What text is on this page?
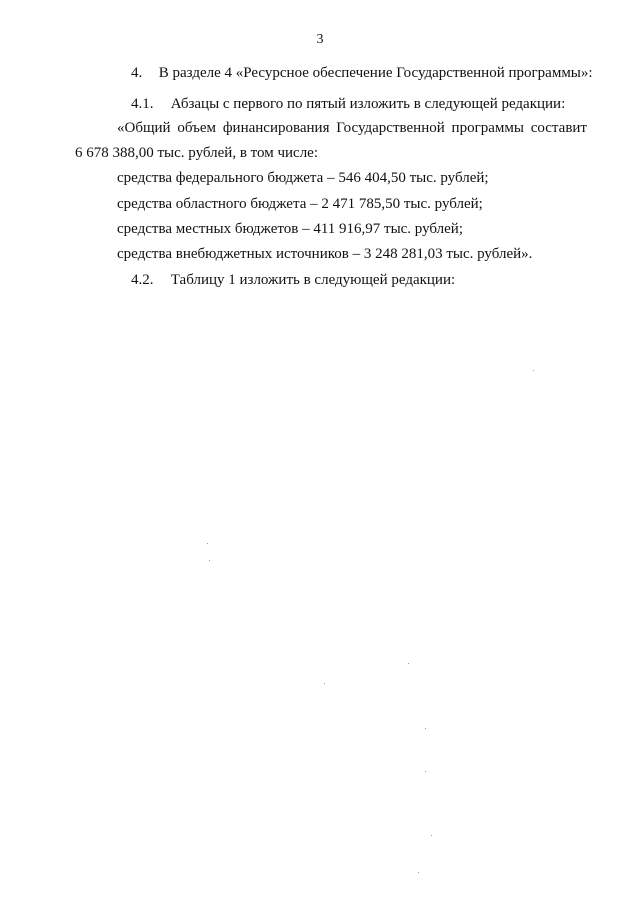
3
4. В разделе 4 «Ресурсное обеспечение Государственной программы»:
4.1. Абзацы с первого по пятый изложить в следующей редакции:
«Общий объем финансирования Государственной программы составит
6 678 388,00 тыс. рублей, в том числе:
средства федерального бюджета – 546 404,50 тыс. рублей;
средства областного бюджета – 2 471 785,50 тыс. рублей;
средства местных бюджетов – 411 916,97 тыс. рублей;
средства внебюджетных источников – 3 248 281,03 тыс. рублей».
4.2. Таблицу 1 изложить в следующей редакции:
